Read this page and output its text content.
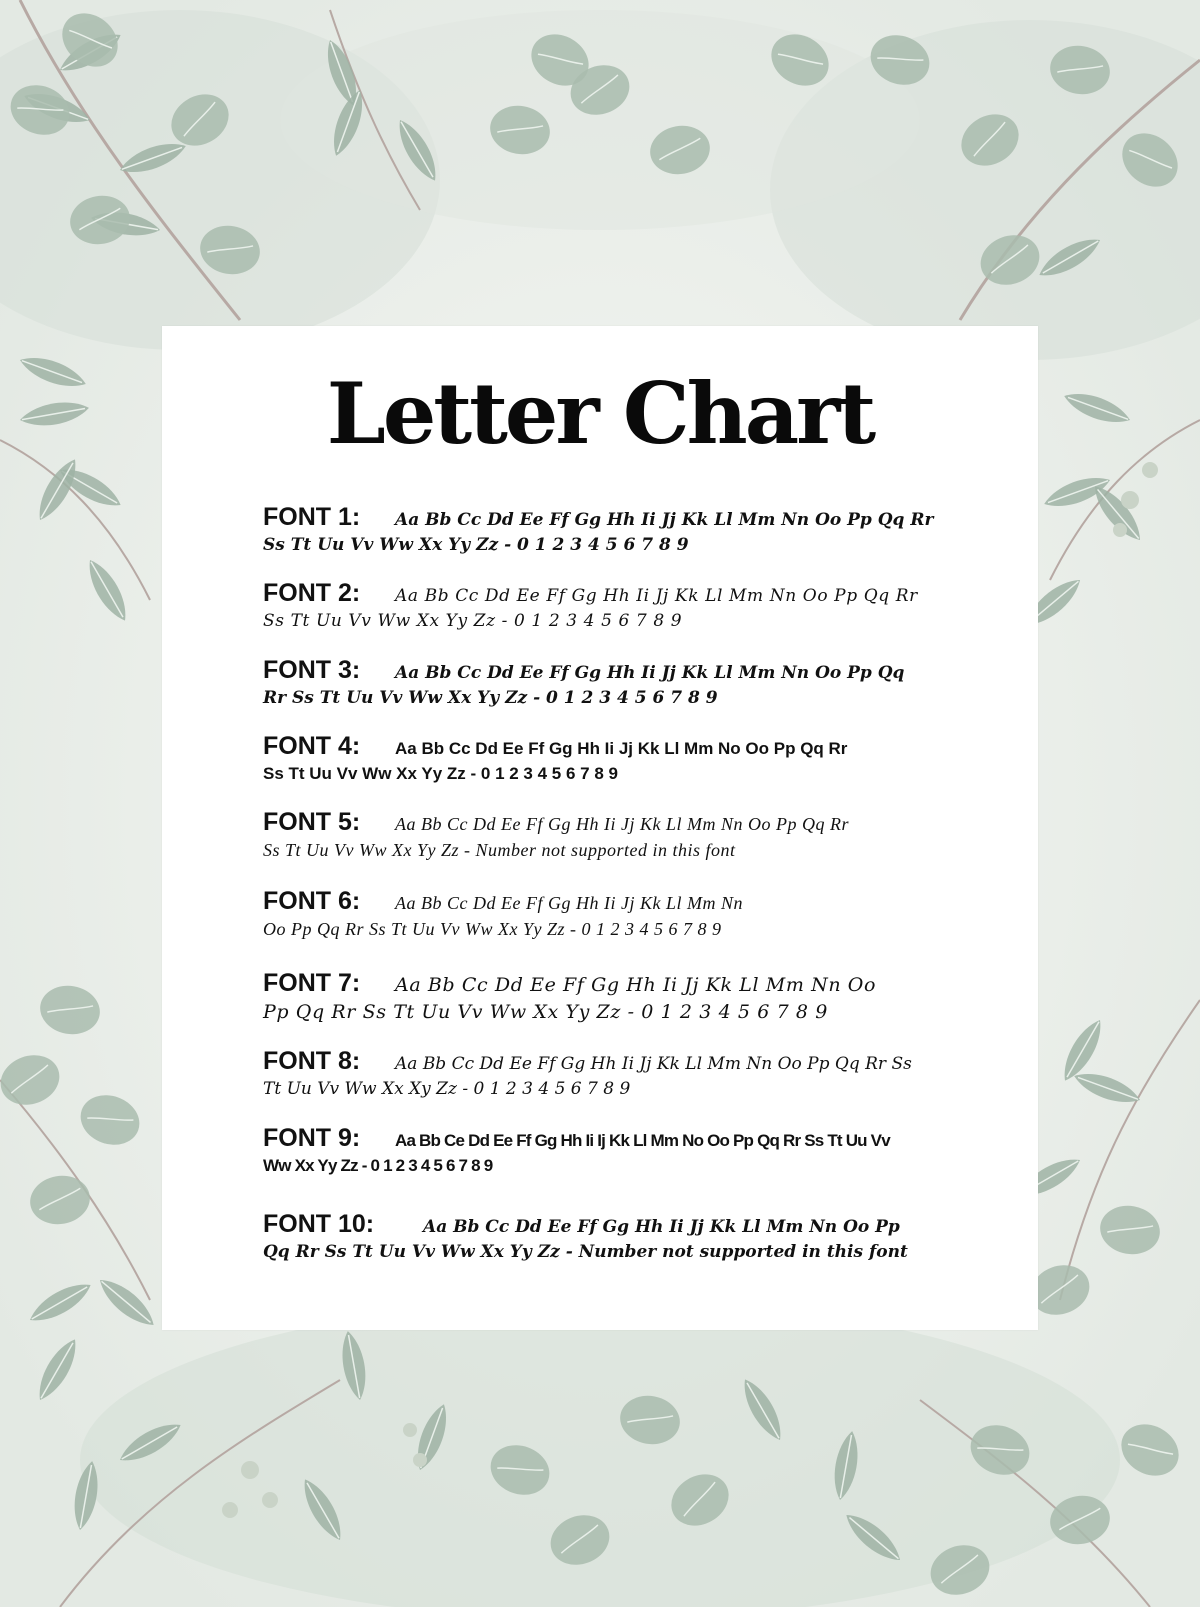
Letter Chart
FONT 1: Aa Bb Cc Dd Ee Ff Gg Hh Ii Jj Kk Ll Mm Nn Oo Pp Qq Rr
Ss Tt Uu Vv Ww Xx Yy Zz - 0 1 2 3 4 5 6 7 8 9
FONT 2: Aa Bb Cc Dd Ee Ff Gg Hh Ii Jj Kk Ll Mm Nn Oo Pp Qq Rr
Ss Tt Uu Vv Ww Xx Yy Zz - 0 1 2 3 4 5 6 7 8 9
FONT 3: Aa Bb Cc Dd Ee Ff Gg Hh Ii Jj Kk Ll Mm Nn Oo Pp Qq
Rr Ss Tt Uu Vv Ww Xx Yy Zz - 0 1 2 3 4 5 6 7 8 9
FONT 4: Aa Bb Cc Dd Ee Ff Gg Hh Ii Jj Kk Ll Mm No Oo Pp Qq Rr
Ss Tt Uu Vv Ww Xx Yy Zz - 0 1 2 3 4 5 6 7 8 9
FONT 5: Aa Bb Cc Dd Ee Ff Gg Hh Ii Jj Kk Ll Mm Nn Oo Pp Qq Rr
Ss Tt Uu Vv Ww Xx Yy Zz - Number not supported in this font
FONT 6: Aa Bb Cc Dd Ee Ff Gg Hh Ii Jj Kk Ll Mm Nn
Oo Pp Qq Rr Ss Tt Uu Vv Ww Xx Yy Zz - 0 1 2 3 4 5 6 7 8 9
FONT 7: Aa Bb Cc Dd Ee Ff Gg Hh Ii Jj Kk Ll Mm Nn Oo
Pp Qq Rr Ss Tt Uu Vv Ww Xx Yy Zz - 0 1 2 3 4 5 6 7 8 9
FONT 8: Aa Bb Cc Dd Ee Ff Gg Hh Ii Jj Kk Ll Mm Nn Oo Pp Qq Rr Ss
Tt Uu Vv Ww Xx Xy Zz - 0 1 2 3 4 5 6 7 8 9
FONT 9: Aa Bb Ce Dd Ee Ff Gg Hh Ii Ij Kk Ll Mm No Oo Pp Qq Rr Ss Tt Uu Vv
Ww Xx Yy Zz - 0 1 2 3 4 5 6 7 8 9
FONT 10:	Aa Bb Cc Dd Ee Ff Gg Hh Ii Jj Kk Ll Mm Nn Oo Pp
Qq Rr Ss Tt Uu Vv Ww Xx Yy Zz - Number not supported in this font
